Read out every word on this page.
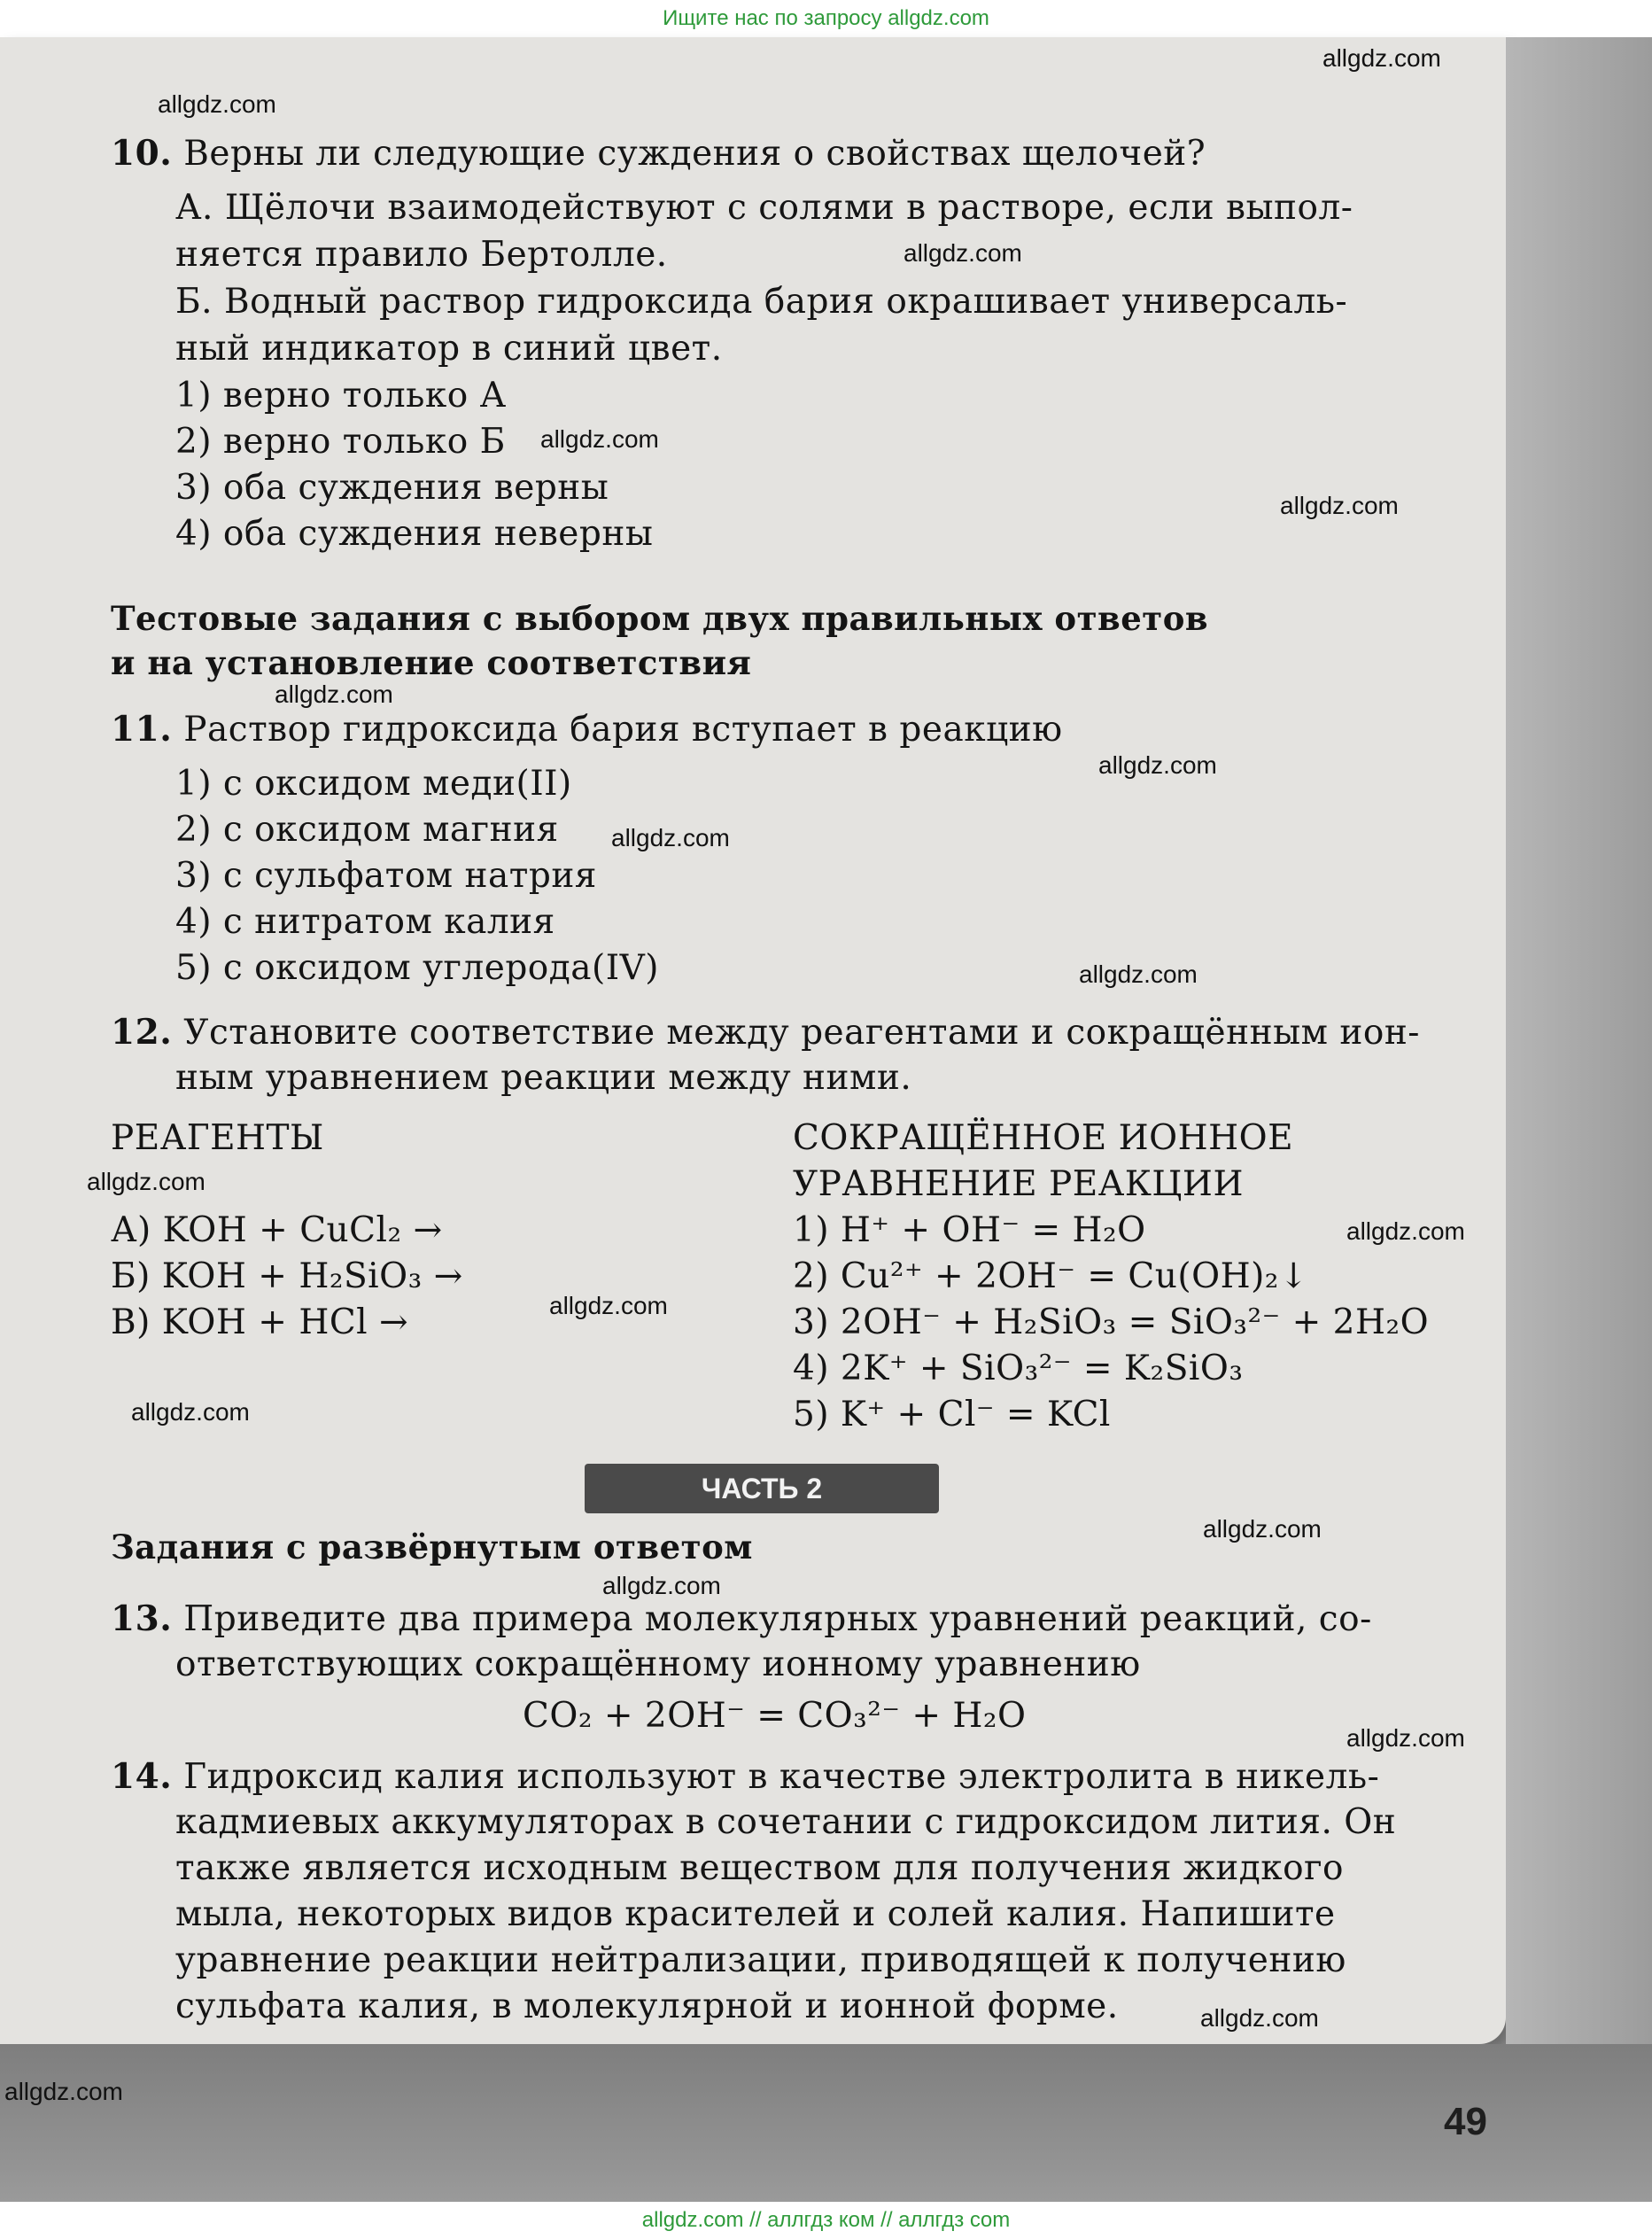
Ищите нас по запросу allgdz.com
49
10. Верны ли следующие суждения о свойствах щелочей?
А. Щёлочи взаимодействуют с солями в растворе, если выпол-
няется правило Бертолле.
Б. Водный раствор гидроксида бария окрашивает универсаль-
ный индикатор в синий цвет.
1) верно только А
2) верно только Б
3) оба суждения верны
4) оба суждения неверны
Тестовые задания с выбором двух правильных ответов
и на установление соответствия
11. Раствор гидроксида бария вступает в реакцию
1) с оксидом меди(II)
2) с оксидом магния
3) с сульфатом натрия
4) с нитратом калия
5) с оксидом углерода(IV)
12. Установите соответствие между реагентами и сокращённым ион-
ным уравнением реакции между ними.
РЕАГЕНТЫ	СОКРАЩЁННОЕ ИОННОЕ
УРАВНЕНИЕ РЕАКЦИИ
А) KOH + CuCl₂ →
Б) KOH + H₂SiO₃ →
В) KOH + HCl →
1) H⁺ + OH⁻ = H₂O
2) Cu²⁺ + 2OH⁻ = Cu(OH)₂↓
3) 2OH⁻ + H₂SiO₃ = SiO₃²⁻ + 2H₂O
4) 2K⁺ + SiO₃²⁻ = K₂SiO₃
5) K⁺ + Cl⁻ = KCl
ЧАСТЬ 2
Задания с развёрнутым ответом
13. Приведите два примера молекулярных уравнений реакций, со-
ответствующих сокращённому ионному уравнению
CO₂ + 2OH⁻ = CO₃²⁻ + H₂O
14. Гидроксид калия используют в качестве электролита в никель-
кадмиевых аккумуляторах в сочетании с гидроксидом лития. Он
также является исходным веществом для получения жидкого
мыла, некоторых видов красителей и солей калия. Напишите
уравнение реакции нейтрализации, приводящей к получению
сульфата калия, в молекулярной и ионной форме.
allgdz.com
allgdz.com
allgdz.com
allgdz.com
allgdz.com
allgdz.com
allgdz.com
allgdz.com
allgdz.com
allgdz.com
allgdz.com
allgdz.com
allgdz.com
allgdz.com
allgdz.com
allgdz.com
allgdz.com
allgdz.com
allgdz.com // аллгдз ком // аллгдз com
